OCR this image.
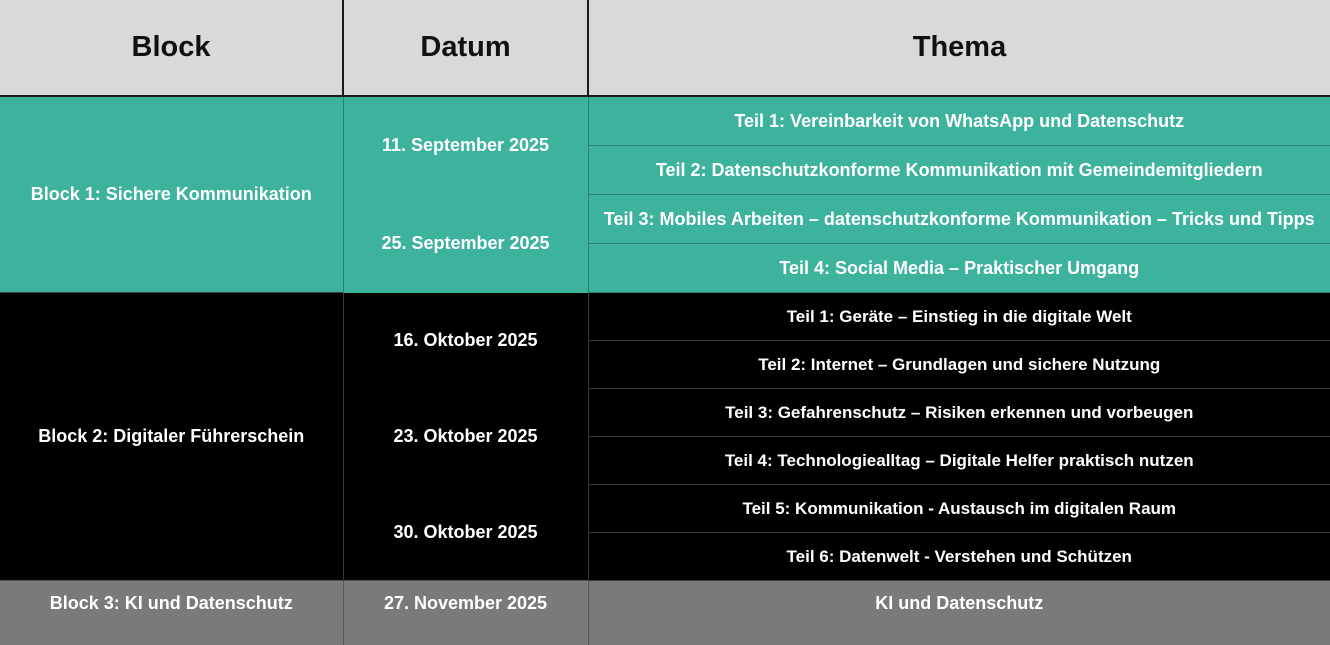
Block	Datum	Thema
Block 1: Sichere Kommunikation	11. September 2025	Teil 1: Vereinbarkeit von WhatsApp und Datenschutz
		Teil 2: Datenschutzkonforme Kommunikation mit Gemeindemitgliedern
	25. September 2025	Teil 3: Mobiles Arbeiten – datenschutzkonforme Kommunikation – Tricks und Tipps
		Teil 4: Social Media – Praktischer Umgang
Block 2: Digitaler Führerschein	16. Oktober 2025	Teil 1: Geräte – Einstieg in die digitale Welt
		Teil 2: Internet – Grundlagen und sichere Nutzung
	23. Oktober 2025	Teil 3: Gefahrenschutz – Risiken erkennen und vorbeugen
		Teil 4: Technologiealltag – Digitale Helfer praktisch nutzen
	30. Oktober 2025	Teil 5: Kommunikation - Austausch im digitalen Raum
		Teil 6: Datenwelt - Verstehen und Schützen
Block 3: KI und Datenschutz	27. November 2025	KI und Datenschutz
